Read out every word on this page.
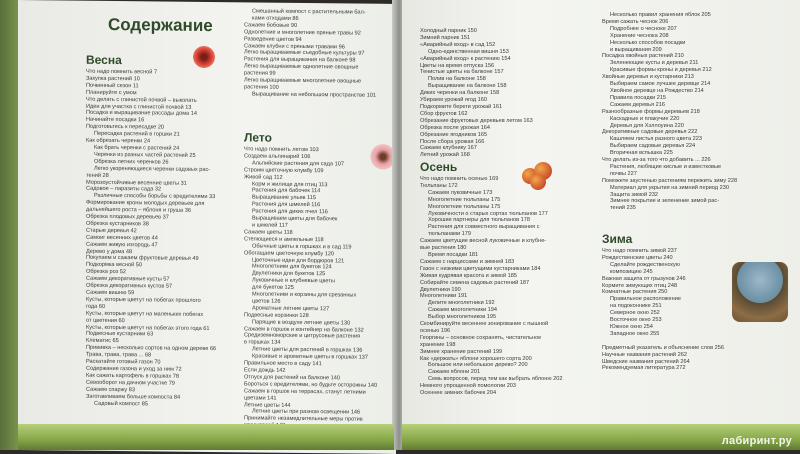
Содержание
Весна
Что надо помнить весной 7
Закупка растений 10
Почвенный сезон 11
Планируйте с умом
Что делать с глинистой почвой – выкопать
Идеи для участка с глинистой почвой 13
Посадка и выращивание рассады дома 14
Начинайте посадки 16
Подготовьтесь к пересадке 20
Пересадка растений в горшки 21
Как обрезать черенки 24
Как брать черенки с растений 24
Черенки из разных частей растений 25
Обрезка летних черенков 26
Легко укореняющиеся черенки садовых рас-
тений 28
Морозоустойчивые весенние цветы 31
Садовое – паразиты сада 32
Различные способы борьбы с вредителями 33
Формирование кроны молодых деревьев для
дальнейшего роста – яблоня и груша 36
Обрезка плодовых деревьев 37
Обрезка кустарников 38
Старые деревья 42
Самоиг весенних цветов 44
Сажаем живую изгородь 47
Дерево у дома 48
Покупаем и сажаем фруктовые деревья 49
Подкормка весной 50
Обрезка роз 52
Сажаем декоративные кусты 57
Обрезка декоративных кустов 57
Сажаем вишню 59
Кусты, которые цветут на побегах прошлого
года 60
Кусты, которые цветут на маленьких побегах
от цветения 60
Кусты, которые цветут на побегах этого года 61
Подвесные кустарники 63
Клематис 65
Прививка – несколько сортов на одном дереве 66
Трава, трава, трава ... 68
Раскатайте готовый газон 70
Содержание газона и уход за ним 72
Как сажать картофель в горшках 78
Севооборот на дачном участке 79
Сажаем спаржу 83
Заготавливаем больше компоста 84
Садовый компост 85
Смешанный компост с растительными бал-
ками отходами 86
Сажаем бобовые 90
Однолетние и многолетние пряные травы 92
Разведение цветов 94
Сажаем клубни с пряными травами 96
Легко выращиваемые съедобные культуры 97
Растения для выращивания на балконе 98
Легко выращиваемые однолетние овощные
растения 99
Легко выращиваемые многолетние овощные
растения 100
Выращивание на небольшом пространстве 101
Лето
Что надо помнить летом 103
Создаем альпинарий 106
Альпийские растения для сада 107
Строим цветочную клумбу 109
Живой сад 112
Корм и жилище для птиц 113
Растения для бабочек 114
Выращивание ульев 115
Растения для шмелей 116
Растения для диких пчел 116
Выращиваем цветы для бабочек
и шмелей 117
Сажаем цветы 118
Стелющиеся и ампельные 118
Обычные цветы в горшках и в сад 119
Обогащаем цветочную клумбу 120
Цветочные идеи для бордюров 121
Многолетники для букетов 124
Двулетники для букетов 125
Луковичные и клубневые цветы
для букетов 125
Многолетники и корзины для срезанных
цветов 126
Ароматные летние цветы 127
Подвесные корзинки 128
Парящие в воздухе летние цветы 130
Сажаем в горшок и контейнер на балконе 132
Средиземноморские и цитрусовые растения
в горшках 134
Летние цветы для растений в горшках 136
Красивые и ароматные цветы в горшках 137
Правильное место в саду 141
Если дождь 142
Отпуск для растений на балконе 140
Бороться с вредителями, но будьте осторожны 140
Сажаем в горшок на террасах, станут летними
цветами 141
Летние цветы 144
Летние цветы при разном освещении 146
Принимайте незамедлительные меры против
Холодный парник 150
Зимний парник 151
«Аварийный вход» в сад 152
Одно-единственная вишня 153
«Аварийный вход» к растению 154
Цветы на время отпуска 156
Тенистые цветы на балконе 157
Полив на балконе 158
Выращивание на балконе 158
Диких черенки на балконе 158
Убираем урожай ягод 160
Подкормите береги урожай 161
Сбор фруктов 162
Обрезание фруктовых деревьев летом 163
Обрезка после урожая 164
Обрезание ягодников 165
После сбора урожая 166
Сажаем клубнику 167
Летний урожай 168
Осень
Что надо помнить осенью 169
Тюльпаны 172
Сажаем луковичные 173
Многолетние тюльпаны 175
Многолетние тюльпаны 175
Луковичности о старых сортах тюльпанов 177
Хорошие партнеры для тюльпанов 178
Растения для совместного выращивания с
тюльпанами 179
Сажаем цветущие весной луковичные и клубне-
вые растения 180
Время посадки 181
Сажаем с нарциссами и зимней 183
Газон с низкими цветущими кустарниками 184
Живая кудрявая красота и зимой 185
Собирайте семена садовых растений 187
Двулетники 190
Многолетники 191
Делите многолетники 192
Сажаем многолетники 194
Выбор многолетников 195
Скомбинируйте весеннее зонирование с пышной
осенью 196
Георгины – основное сохранять, чистательное
хранение 198
Зимнее хранение растений 199
Как «держать» яблони хорошего сорта 200
Большое или небольшое дерево? 200
Сажаем яблони 201
Семь вопросов, перед тем как выбрать яблоню 202
Немного упрощенной помологии 203
Осеннее зимних бабочек 204
Несколько правил хранения яблок 205
Время сажать чеснок 206
Подробнее о чесноке 207
Хранение чеснока 208
Несколько способов посадки
и выращивания 209
Посадка хвойных растений 210
Зеленеющие кусты и деревья 211
Красивые формы кроны и деревья 212
Хвойные деревья и кустарники 213
Выбираем самое лучшее деревце 214
Хвойное деревце на Рождество 214
Правила посадки 215
Сажаем деревья 216
Разнообразные формы деревьев 218
Каскадные и плакучие 220
Деревья для Хэллоуина 220
Декоративные садовые деревья 222
Кашляем листья разного цвета 223
Выбираем садовые деревья 224
Вторичная вспышка 225
Что делать из-за того что добавить ... 226
Растения, любящие кислые и известковые
почвы 227
Поможете заустенью растениям пережить зиму 228
Материал для укрытия на зимний период 230
Защита зимой 232
Зимнее покрытие и зеленение зимой рас-
тений 235
Зима
Что надо помнить зимой 237
Рождественские цветы 240
Сделайте рождественскую
композицию 245
Важная защита от грызунов 246
Кормите зимующих птиц 248
Комнатные растения 250
Правильное расположение
на подоконнике 251
Северное окно 252
Восточное окно 253
Южное окно 254
Западное окно 255

Предметный указатель и объяснение слов 256
Научные названия растений 262
Шведские названия растений 264
Рекомендуемая литература 272
лабиринт.ру
